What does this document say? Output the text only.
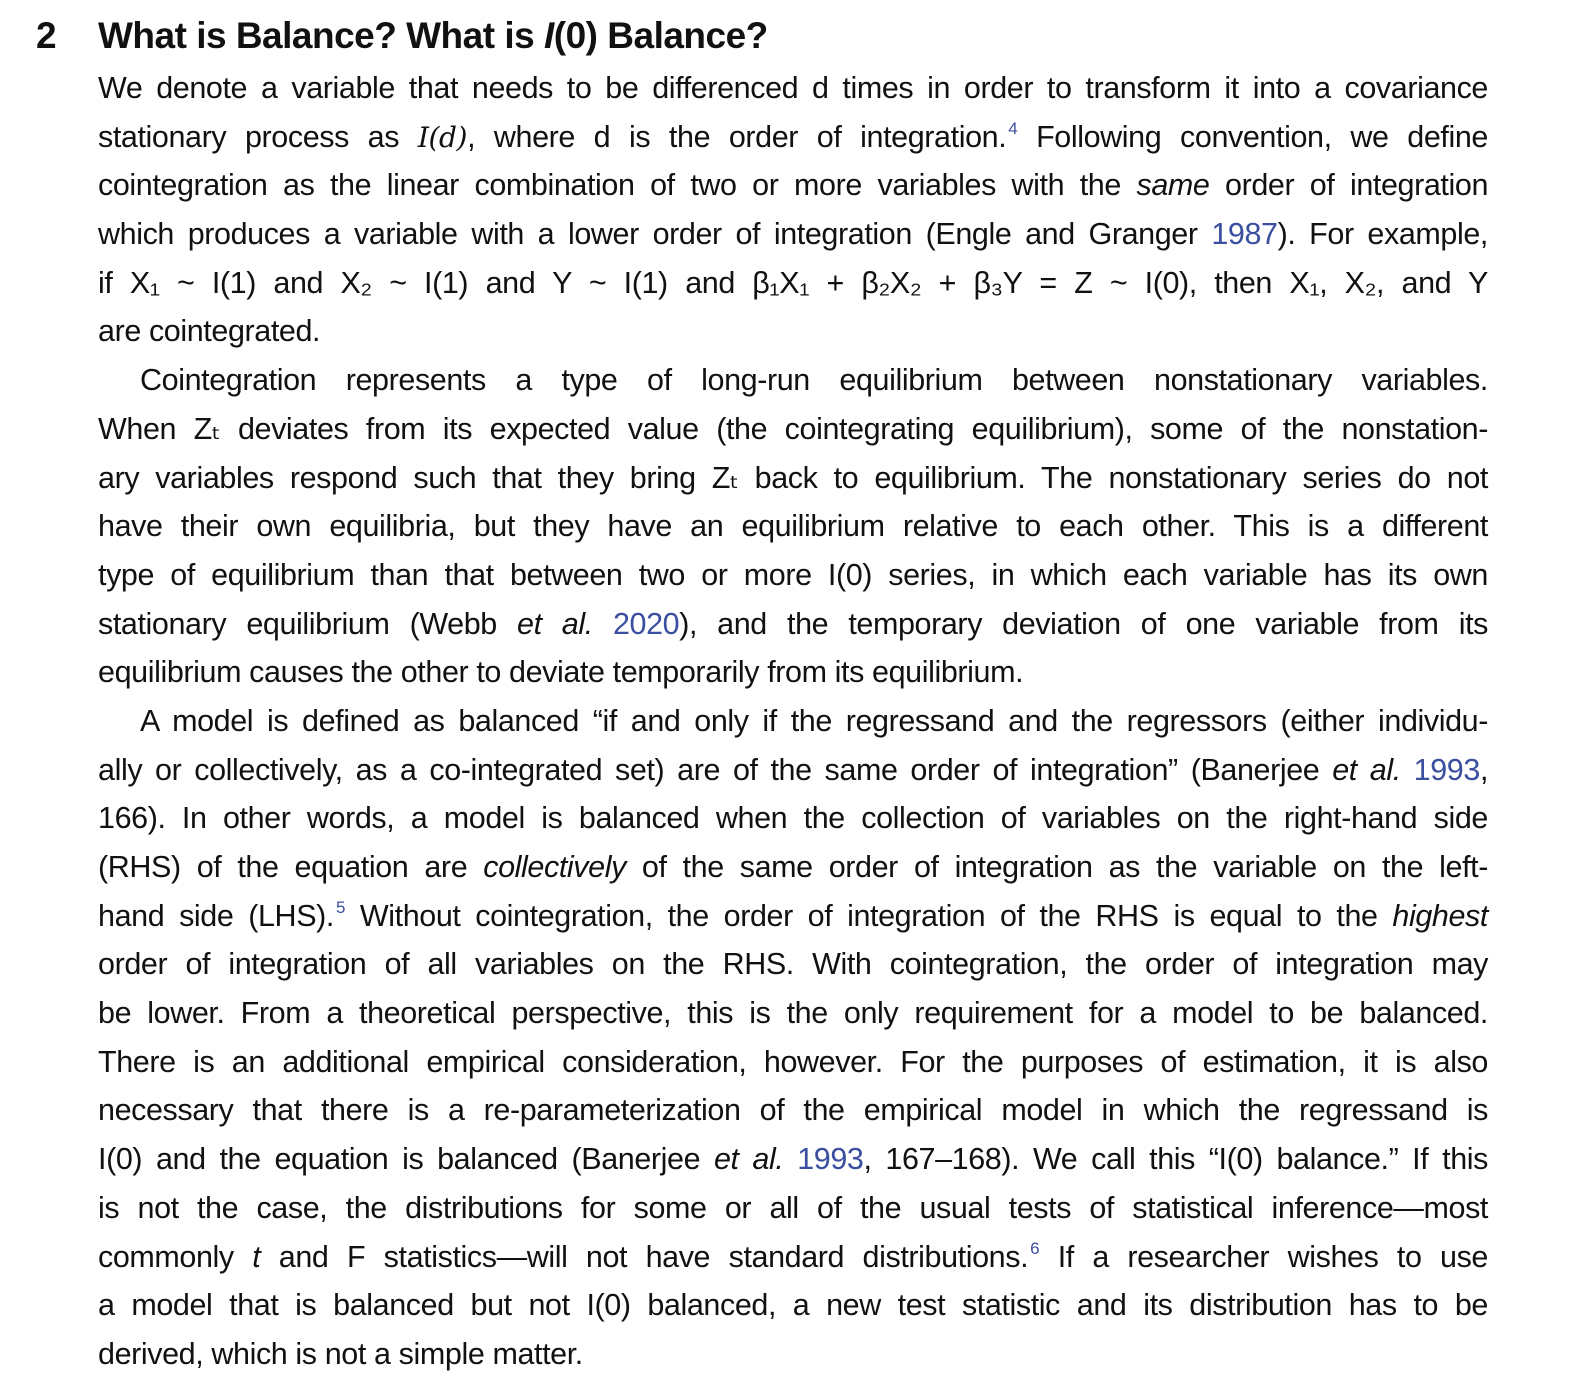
2 What is Balance? What is I(0) Balance?
We denote a variable that needs to be differenced d times in order to transform it into a covariance
stationary process as I(d), where d is the order of integration. $^4$ Following convention, we define
cointegration as the linear combination of two or more variables with the same order of integration
which produces a variable with a lower order of integration (Engle and Granger 1987). For example,
if X₁ ~ I(1) and X₂ ~ I(1) and Y ~ I(1) and β₁X₁ + β₂X₂ + β₃Y = Z ~ I(0), then X₁, X₂, and Y
are cointegrated.
Cointegration represents a type of long-run equilibrium between nonstationary variables.
When Zₜ deviates from its expected value (the cointegrating equilibrium), some of the nonstation-
ary variables respond such that they bring Zₜ back to equilibrium. The nonstationary series do not
have their own equilibria, but they have an equilibrium relative to each other. This is a different
type of equilibrium than that between two or more I(0) series, in which each variable has its own
stationary equilibrium (Webb et al. 2020), and the temporary deviation of one variable from its
equilibrium causes the other to deviate temporarily from its equilibrium.
A model is defined as balanced “if and only if the regressand and the regressors (either individu-
ally or collectively, as a co-integrated set) are of the same order of integration” (Banerjee et al. 1993,
166). In other words, a model is balanced when the collection of variables on the right-hand side
(RHS) of the equation are collectively of the same order of integration as the variable on the left-
hand side (LHS). $^5$ Without cointegration, the order of integration of the RHS is equal to the highest
order of integration of all variables on the RHS. With cointegration, the order of integration may
be lower. From a theoretical perspective, this is the only requirement for a model to be balanced.
There is an additional empirical consideration, however. For the purposes of estimation, it is also
necessary that there is a re-parameterization of the empirical model in which the regressand is
I(0) and the equation is balanced (Banerjee et al. 1993, 167–168). We call this “I(0) balance.” If this
is not the case, the distributions for some or all of the usual tests of statistical inference—most
commonly t and F statistics—will not have standard distributions. $^6$ If a researcher wishes to use
a model that is balanced but not I(0) balanced, a new test statistic and its distribution has to be
derived, which is not a simple matter.
